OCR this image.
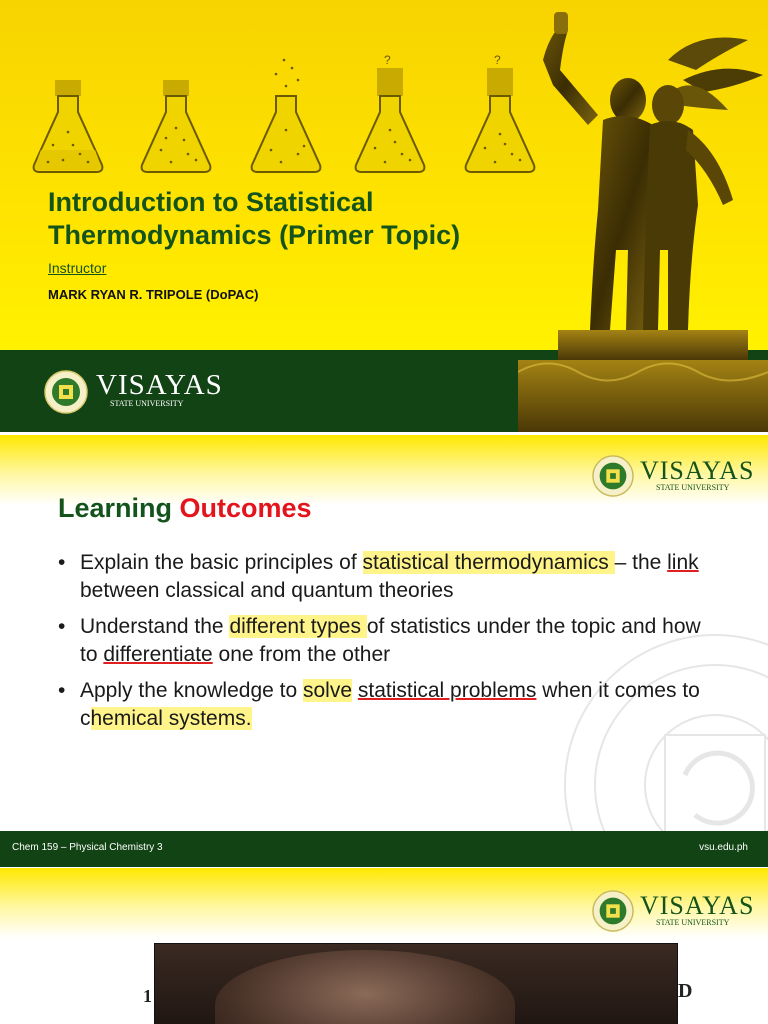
?	?
Introduction to Statistical Thermodynamics (Primer Topic)
Instructor
MARK RYAN R. TRIPOLE (DoPAC)
VISAYAS
STATE UNIVERSITY
VISAYAS
STATE UNIVERSITY
Learning Outcomes
• Explain the basic principles of statistical thermodynamics – the link between classical and quantum theories
• Understand the different types of statistics under the topic and how to differentiate one from the other
• Apply the knowledge to solve statistical problems when it comes to chemical systems.
Chem 159 – Physical Chemistry 3	vsu.edu.ph
VISAYAS
STATE UNIVERSITY
1	D
